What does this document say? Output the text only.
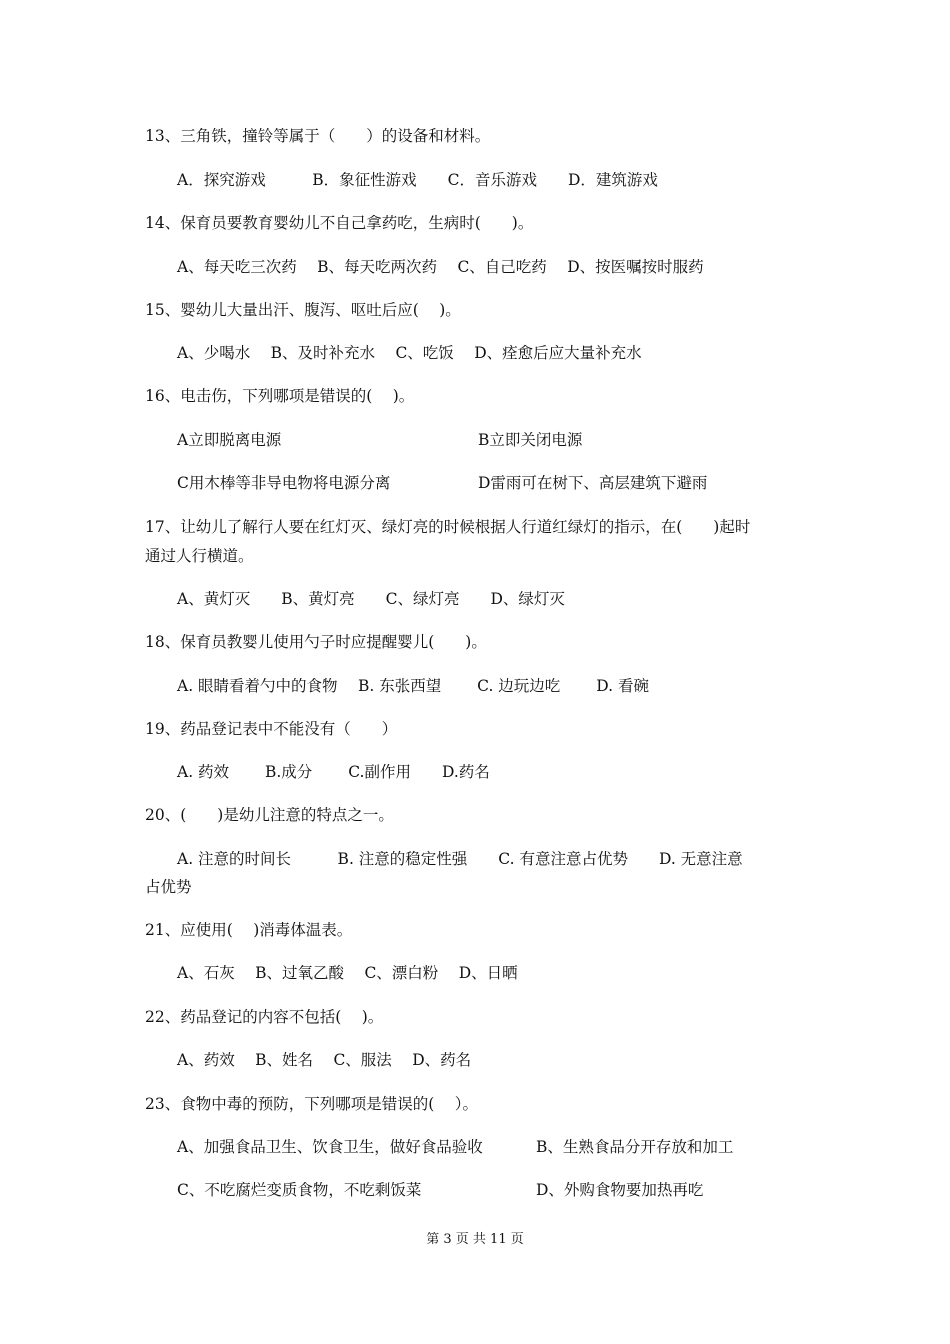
13、三角铁，撞铃等属于（　　）的设备和材料。
A．探究游戏　　　B．象征性游戏　　C．音乐游戏　　D．建筑游戏
14、保育员要教育婴幼儿不自己拿药吃，生病时(　　)。
A、每天吃三次药　 B、每天吃两次药　 C、自己吃药　 D、按医嘱按时服药
15、婴幼儿大量出汗、腹泻、呕吐后应(　 )。
A、少喝水　 B、及时补充水　 C、吃饭　 D、痊愈后应大量补充水
16、电击伤，下列哪项是错误的(　 )。
A立即脱离电源	B立即关闭电源
C用木棒等非导电物将电源分离	D雷雨可在树下、高层建筑下避雨
17、让幼儿了解行人要在红灯灭、绿灯亮的时候根据人行道红绿灯的指示，在(　　)起时
通过人行横道。
A、黄灯灭　　B、黄灯亮　　C、绿灯亮　　D、绿灯灭
18、保育员教婴儿使用勺子时应提醒婴儿(　　)。
A. 眼睛看着勺中的食物　 B. 东张西望　　 C. 边玩边吃　　 D. 看碗
19、药品登记表中不能没有（　　）
A. 药效　　 B.成分　　 C.副作用　　D.药名
20、(　　)是幼儿注意的特点之一。
A. 注意的时间长　　　B. 注意的稳定性强　　C. 有意注意占优势　　D. 无意注意
占优势
21、应使用(　 )消毒体温表。
A、石灰　 B、过氧乙酸　 C、漂白粉　 D、日晒
22、药品登记的内容不包括(　 )。
A、药效　 B、姓名　 C、服法　 D、药名
23、食物中毒的预防，下列哪项是错误的(　 ）。
A、加强食品卫生、饮食卫生，做好食品验收	B、生熟食品分开存放和加工
C、不吃腐烂变质食物，不吃剩饭菜	D、外购食物要加热再吃
第 3 页 共 11 页
